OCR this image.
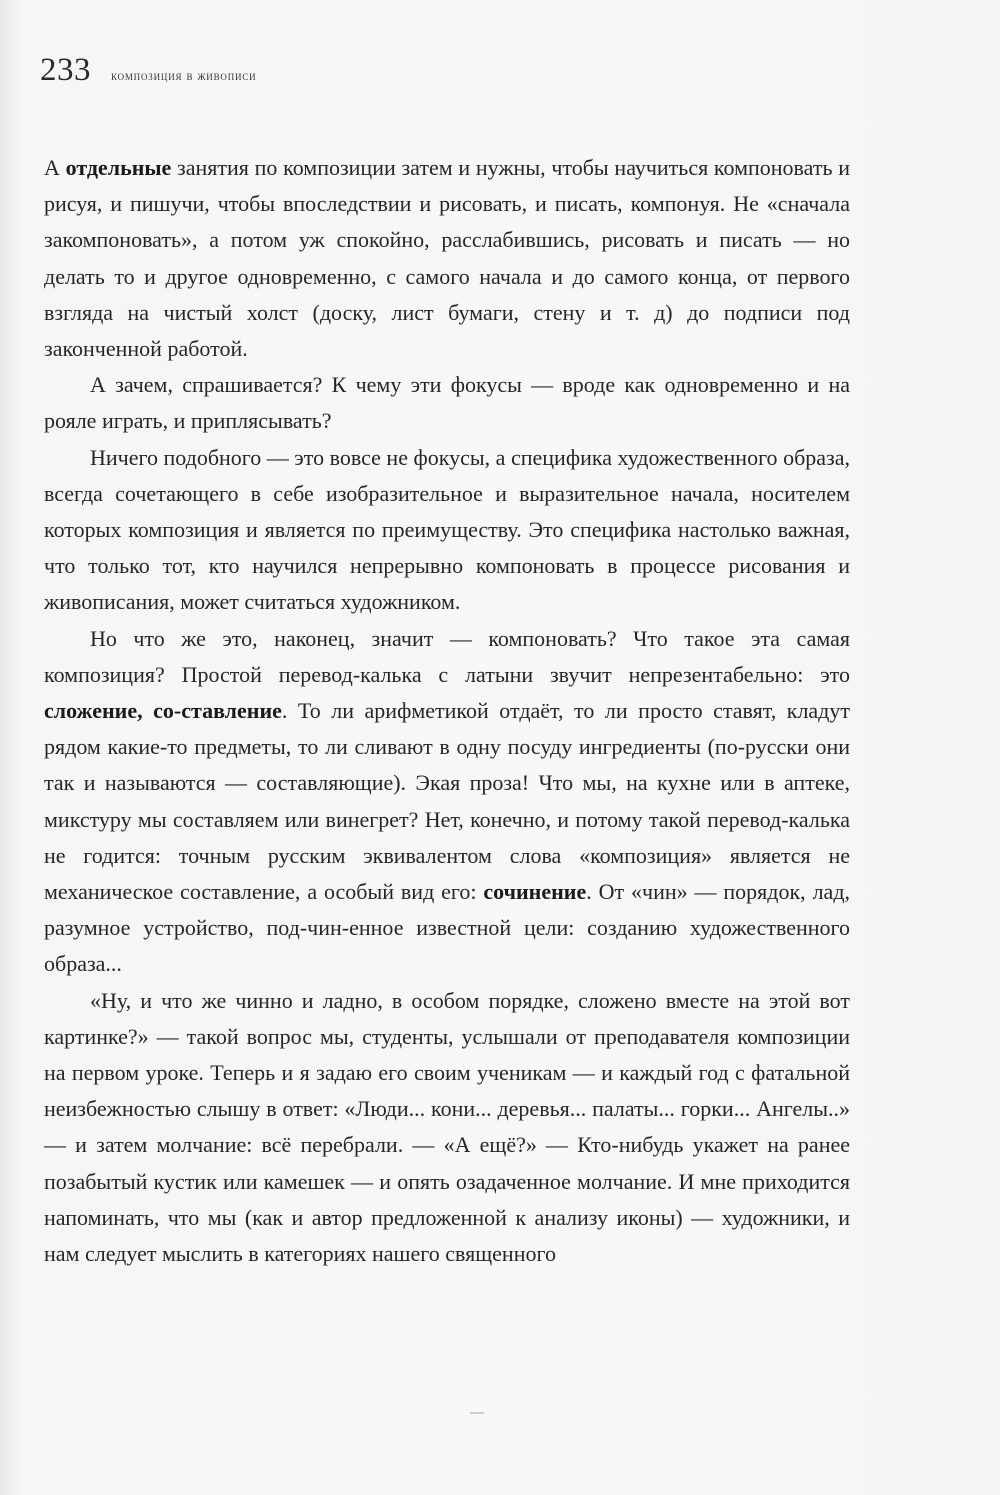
233 композиция в живописи

А отдельные занятия по композиции затем и нужны, чтобы научиться компоновать и рисуя, и пишучи, чтобы впоследствии и рисовать, и писать, компонуя. Не «сначала закомпоновать», а потом уж спокойно, расслабившись, рисовать и писать — но делать то и другое одновременно, с самого начала и до самого конца, от первого взгляда на чистый холст (доску, лист бумаги, стену и т. д) до подписи под законченной работой.

А зачем, спрашивается? К чему эти фокусы — вроде как одновременно и на рояле играть, и приплясывать?

Ничего подобного — это вовсе не фокусы, а специфика художественного образа, всегда сочетающего в себе изобразительное и выразительное начала, носителем которых композиция и является по преимуществу. Это специфика настолько важная, что только тот, кто научился непрерывно компоновать в процессе рисования и живописания, может считаться художником.

Но что же это, наконец, значит — компоновать? Что такое эта самая композиция? Простой перевод-калька с латыни звучит непрезентабельно: это сложение, со-ставление. То ли арифметикой отдаёт, то ли просто ставят, кладут рядом какие-то предметы, то ли сливают в одну посуду ингредиенты (по-русски они так и называются — составляющие). Экая проза! Что мы, на кухне или в аптеке, микстуру мы составляем или винегрет? Нет, конечно, и потому такой перевод-калька не годится: точным русским эквивалентом слова «композиция» является не механическое составление, а особый вид его: сочинение. От «чин» — порядок, лад, разумное устройство, под-чин-енное известной цели: созданию художественного образа...

«Ну, и что же чинно и ладно, в особом порядке, сложено вместе на этой вот картинке?» — такой вопрос мы, студенты, услышали от преподавателя композиции на первом уроке. Теперь и я задаю его своим ученикам — и каждый год с фатальной неизбежностью слышу в ответ: «Люди... кони... деревья... палаты... горки... Ангелы..» — и затем молчание: всё перебрали. — «А ещё?» — Кто-нибудь укажет на ранее позабытый кустик или камешек — и опять озадаченное молчание. И мне приходится напоминать, что мы (как и автор предложенной к анализу иконы) — художники, и нам следует мыслить в категориях нашего священного
